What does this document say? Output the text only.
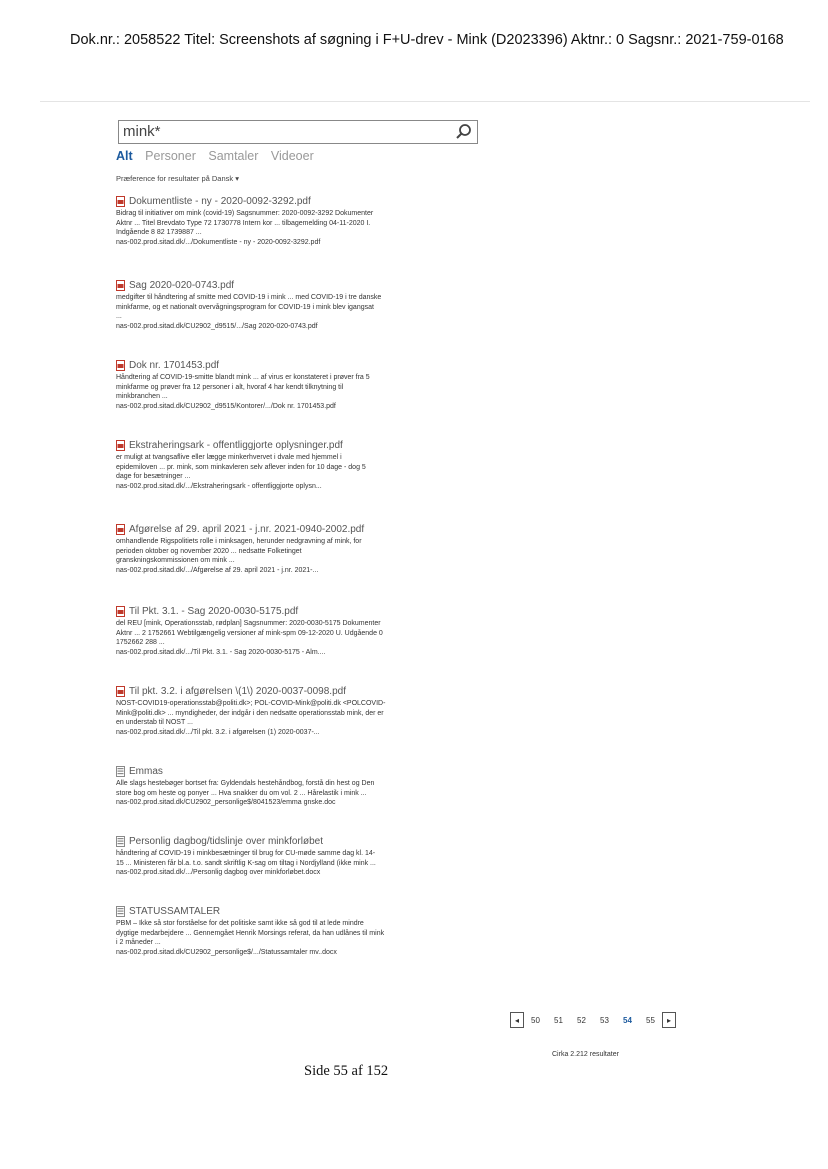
Dok.nr.: 2058522 Titel: Screenshots af søgning i F+U-drev - Mink (D2023396) Aktnr.: 0 Sagsnr.: 2021-759-0168
mink*
Alt Personer Samtaler Videoer
Præference for resultater på Dansk ▾
Dokumentliste - ny - 2020-0092-3292.pdf
Bidrag til initiativer om mink (covid-19) Sagsnummer: 2020-0092-3292 Dokumenter
Aktnr ... Titel Brevdato Type 72 1730778 Intern kor ... tilbagemelding 04-11-2020 I.
Indgående 8 82 1739887 ...
nas-002.prod.sitad.dk/.../Dokumentliste - ny - 2020-0092-3292.pdf
Sag 2020-020-0743.pdf
medgifter til håndtering af smitte med COVID-19 i mink ... med COVID-19 i tre danske
minkfarme, og et nationalt overvågningsprogram for COVID-19 i mink blev igangsat
...
nas-002.prod.sitad.dk/CU2902_d9515/.../Sag 2020-020-0743.pdf
Dok nr. 1701453.pdf
Håndtering af COVID-19-smitte blandt mink ... af virus er konstateret i prøver fra 5
minkfarme og prøver fra 12 personer i alt, hvoraf 4 har kendt tilknytning til
minkbranchen ...
nas-002.prod.sitad.dk/CU2902_d9515/Kontorer/.../Dok nr. 1701453.pdf
Ekstraheringsark - offentliggjorte oplysninger.pdf
er muligt at tvangsaflive eller lægge minkerhvervet i dvale med hjemmel i
epidemiloven ... pr. mink, som minkavleren selv aflever inden for 10 dage - dog 5
dage for besætninger ...
nas-002.prod.sitad.dk/.../Ekstraheringsark - offentliggjorte oplysn...
Afgørelse af 29. april 2021 - j.nr. 2021-0940-2002.pdf
omhandlende Rigspolitiets rolle i minksagen, herunder nedgravning af mink, for
perioden oktober og november 2020 ... nedsatte Folketinget
granskningskommissionen om mink ...
nas-002.prod.sitad.dk/.../Afgørelse af 29. april 2021 - j.nr. 2021-...
Til Pkt. 3.1. - Sag 2020-0030-5175.pdf
del REU [mink, Operationsstab, rødplan] Sagsnummer: 2020-0030-5175 Dokumenter
Aktnr ... 2 1752661 Webtilgængelig versioner af mink-spm 09-12-2020 U. Udgående 0
1752662 288 ...
nas-002.prod.sitad.dk/.../Til Pkt. 3.1. - Sag 2020-0030-5175 - Alm....
Til pkt. 3.2. i afgørelsen \(1\) 2020-0037-0098.pdf
NOST-COVID19-operationsstab@politi.dk>; POL-COVID-Mink@politi.dk <POLCOVID-
Mink@politi.dk> ... myndigheder, der indgår i den nedsatte operationsstab mink, der er
en understab til NOST ...
nas-002.prod.sitad.dk/.../Til pkt. 3.2. i afgørelsen (1) 2020-0037-...
Emmas
Alle slags hestebøger bortset fra: Gyldendals hestehåndbog, forstå din hest og Den
store bog om heste og ponyer ... Hva snakker du om vol. 2 ... Hårelastik i mink ...
nas-002.prod.sitad.dk/CU2902_personlige$/8041523/emma gnske.doc
Personlig dagbog/tidslinje over minkforløbet
håndtering af COVID-19 i minkbesætninger til brug for CU-møde samme dag kl. 14-
15 ... Ministeren får bl.a. t.o. sandt skriftlig K-sag om tiltag i Nordjylland (ikke mink ...
nas-002.prod.sitad.dk/.../Personlig dagbog over minkforløbet.docx
STATUSSAMTALER
PBM – Ikke så stor forståelse for det politiske samt ikke så god til at lede mindre
dygtige medarbejdere ... Gennemgået Henrik Morsings referat, da han udlånes til mink
i 2 måneder ...
nas-002.prod.sitad.dk/CU2902_personlige$/.../Statussamtaler mv..docx
◂	50	51	52	53	54	55	▸
Cirka 2.212 resultater
Side 55 af 152
